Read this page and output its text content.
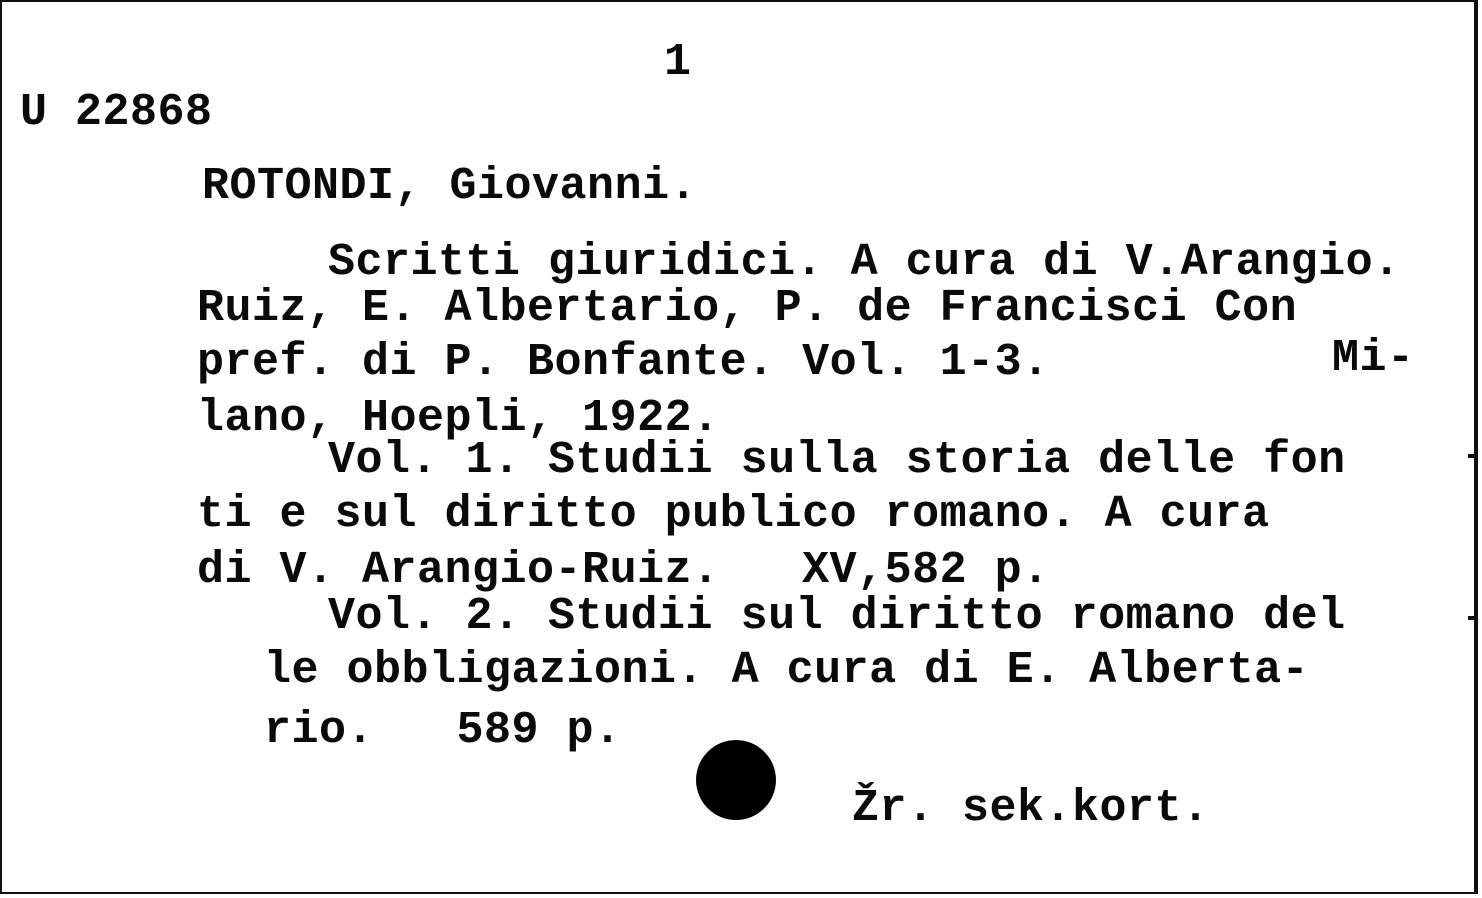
1
U 22868
ROTONDI, Giovanni.
Scritti giuridici. A cura di V.Arangio.
Ruiz, E. Albertario, P. de Francisci Con
pref. di P. Bonfante. Vol. 1-3.	Mi-
lano, Hoepli, 1922.
Vol. 1. Studii sulla storia delle fon
ti e sul diritto publico romano. A cura
di V. Arangio-Ruiz.   XV,582 p.
Vol. 2. Studii sul diritto romano del
le obbligazioni. A cura di E. Alberta-
rio.   589 p.
Žr. sek.kort.
